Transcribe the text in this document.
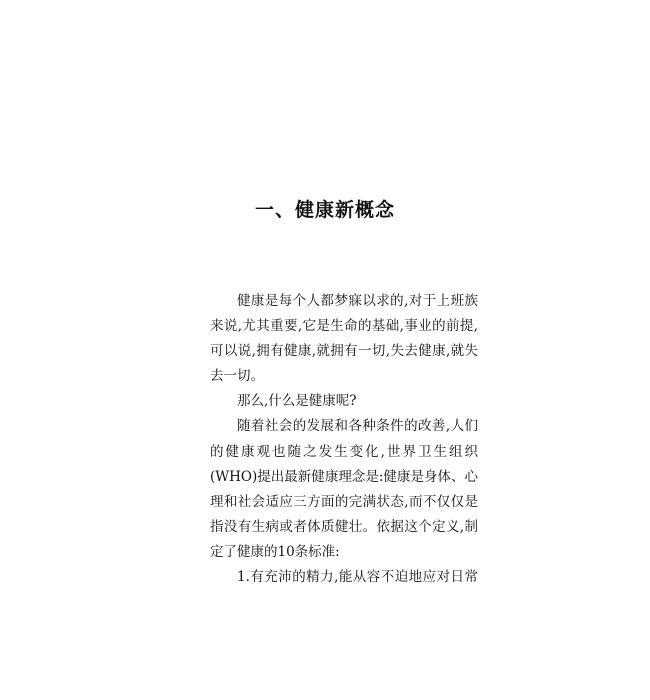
一、健康新概念
健康是每个人都梦寐以求的,对于上班族
来说,尤其重要,它是生命的基础,事业的前提,
可以说,拥有健康,就拥有一切,失去健康,就失
去一切。
那么,什么是健康呢?
随着社会的发展和各种条件的改善,人们
的健康观也随之发生变化,世界卫生组织
(WHO)提出最新健康理念是:健康是身体、心
理和社会适应三方面的完满状态,而不仅仅是
指没有生病或者体质健壮。依据这个定义,制
定了健康的10条标准:
1.有充沛的精力,能从容不迫地应对日常
